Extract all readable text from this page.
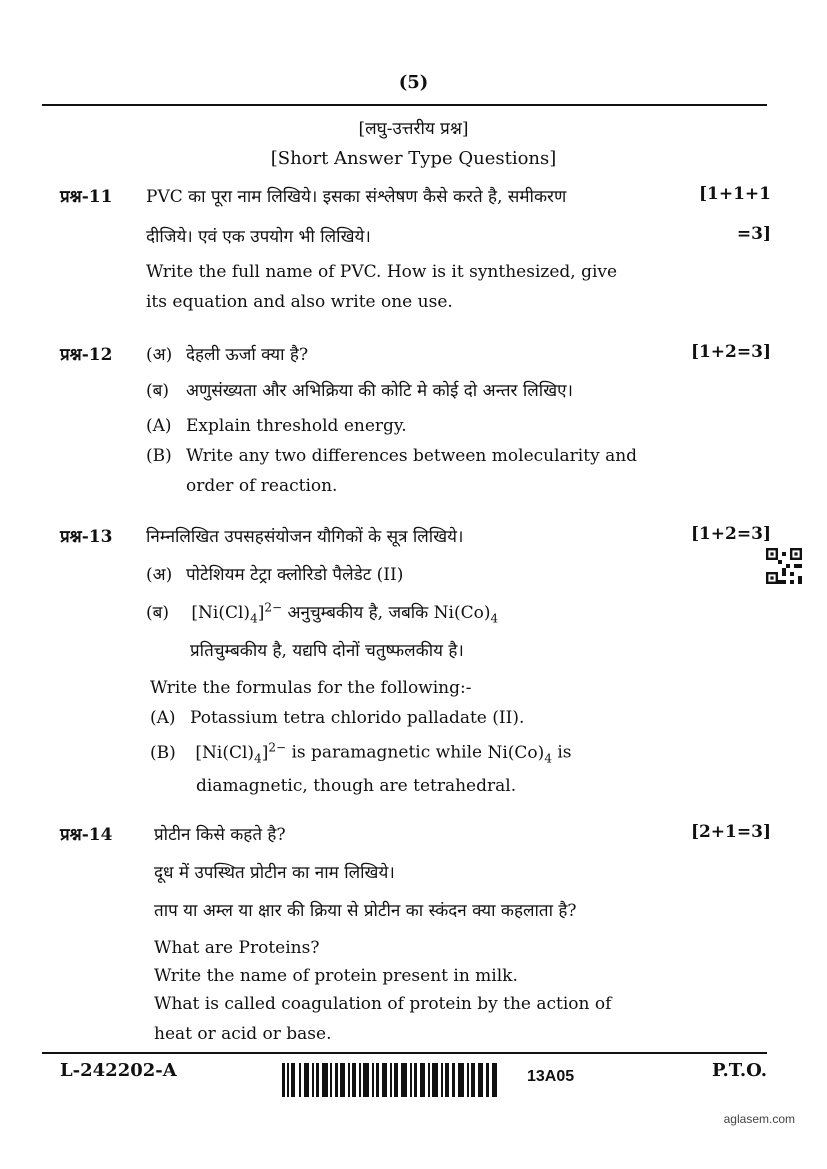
(5)
[लघु-उत्तरीय प्रश्न]
[Short Answer Type Questions]
प्रश्न-11 PVC का पूरा नाम लिखिये। इसका संश्लेषण कैसे करते है, समीकरण	[1+1+1
दीजिये। एवं एक उपयोग भी लिखिये।	=3]
Write the full name of PVC. How is it synthesized, give
its equation and also write one use.
प्रश्न-12	[1+2=3]
(अ) देहली ऊर्जा क्या है?
(ब) अणुसंख्यता और अभिक्रिया की कोटि मे कोई दो अन्तर लिखिए।
(A) Explain threshold energy.
(B) Write any two differences between molecularity and
order of reaction.
प्रश्न-13	[1+2=3]
निम्नलिखित उपसहसंयोजन यौगिकों के सूत्र लिखिये।
(अ) पोटेशियम टेट्रा क्लोरिडो पैलेडेट (II)
(ब) $[Ni(Cl)_4]^{2-}$ अनुचुम्बकीय है, जबकि $Ni(Co)_4$
प्रतिचुम्बकीय है, यद्यपि दोनों चतुष्फलकीय है।
Write the formulas for the following:-
(A) Potassium tetra chlorido palladate (II).
(B) $[Ni(Cl)_4]^{2-}$ is paramagnetic while $Ni(Co)_4$ is
diamagnetic, though are tetrahedral.
प्रश्न-14	[2+1=3]
प्रोटीन किसे कहते है?
दूध में उपस्थित प्रोटीन का नाम लिखिये।
ताप या अम्ल या क्षार की क्रिया से प्रोटीन का स्कंदन क्या कहलाता है?
What are Proteins?
Write the name of protein present in milk.
What is called coagulation of protein by the action of
heat or acid or base.
L-242202-A	13A05	P.T.O.
aglasem.com
